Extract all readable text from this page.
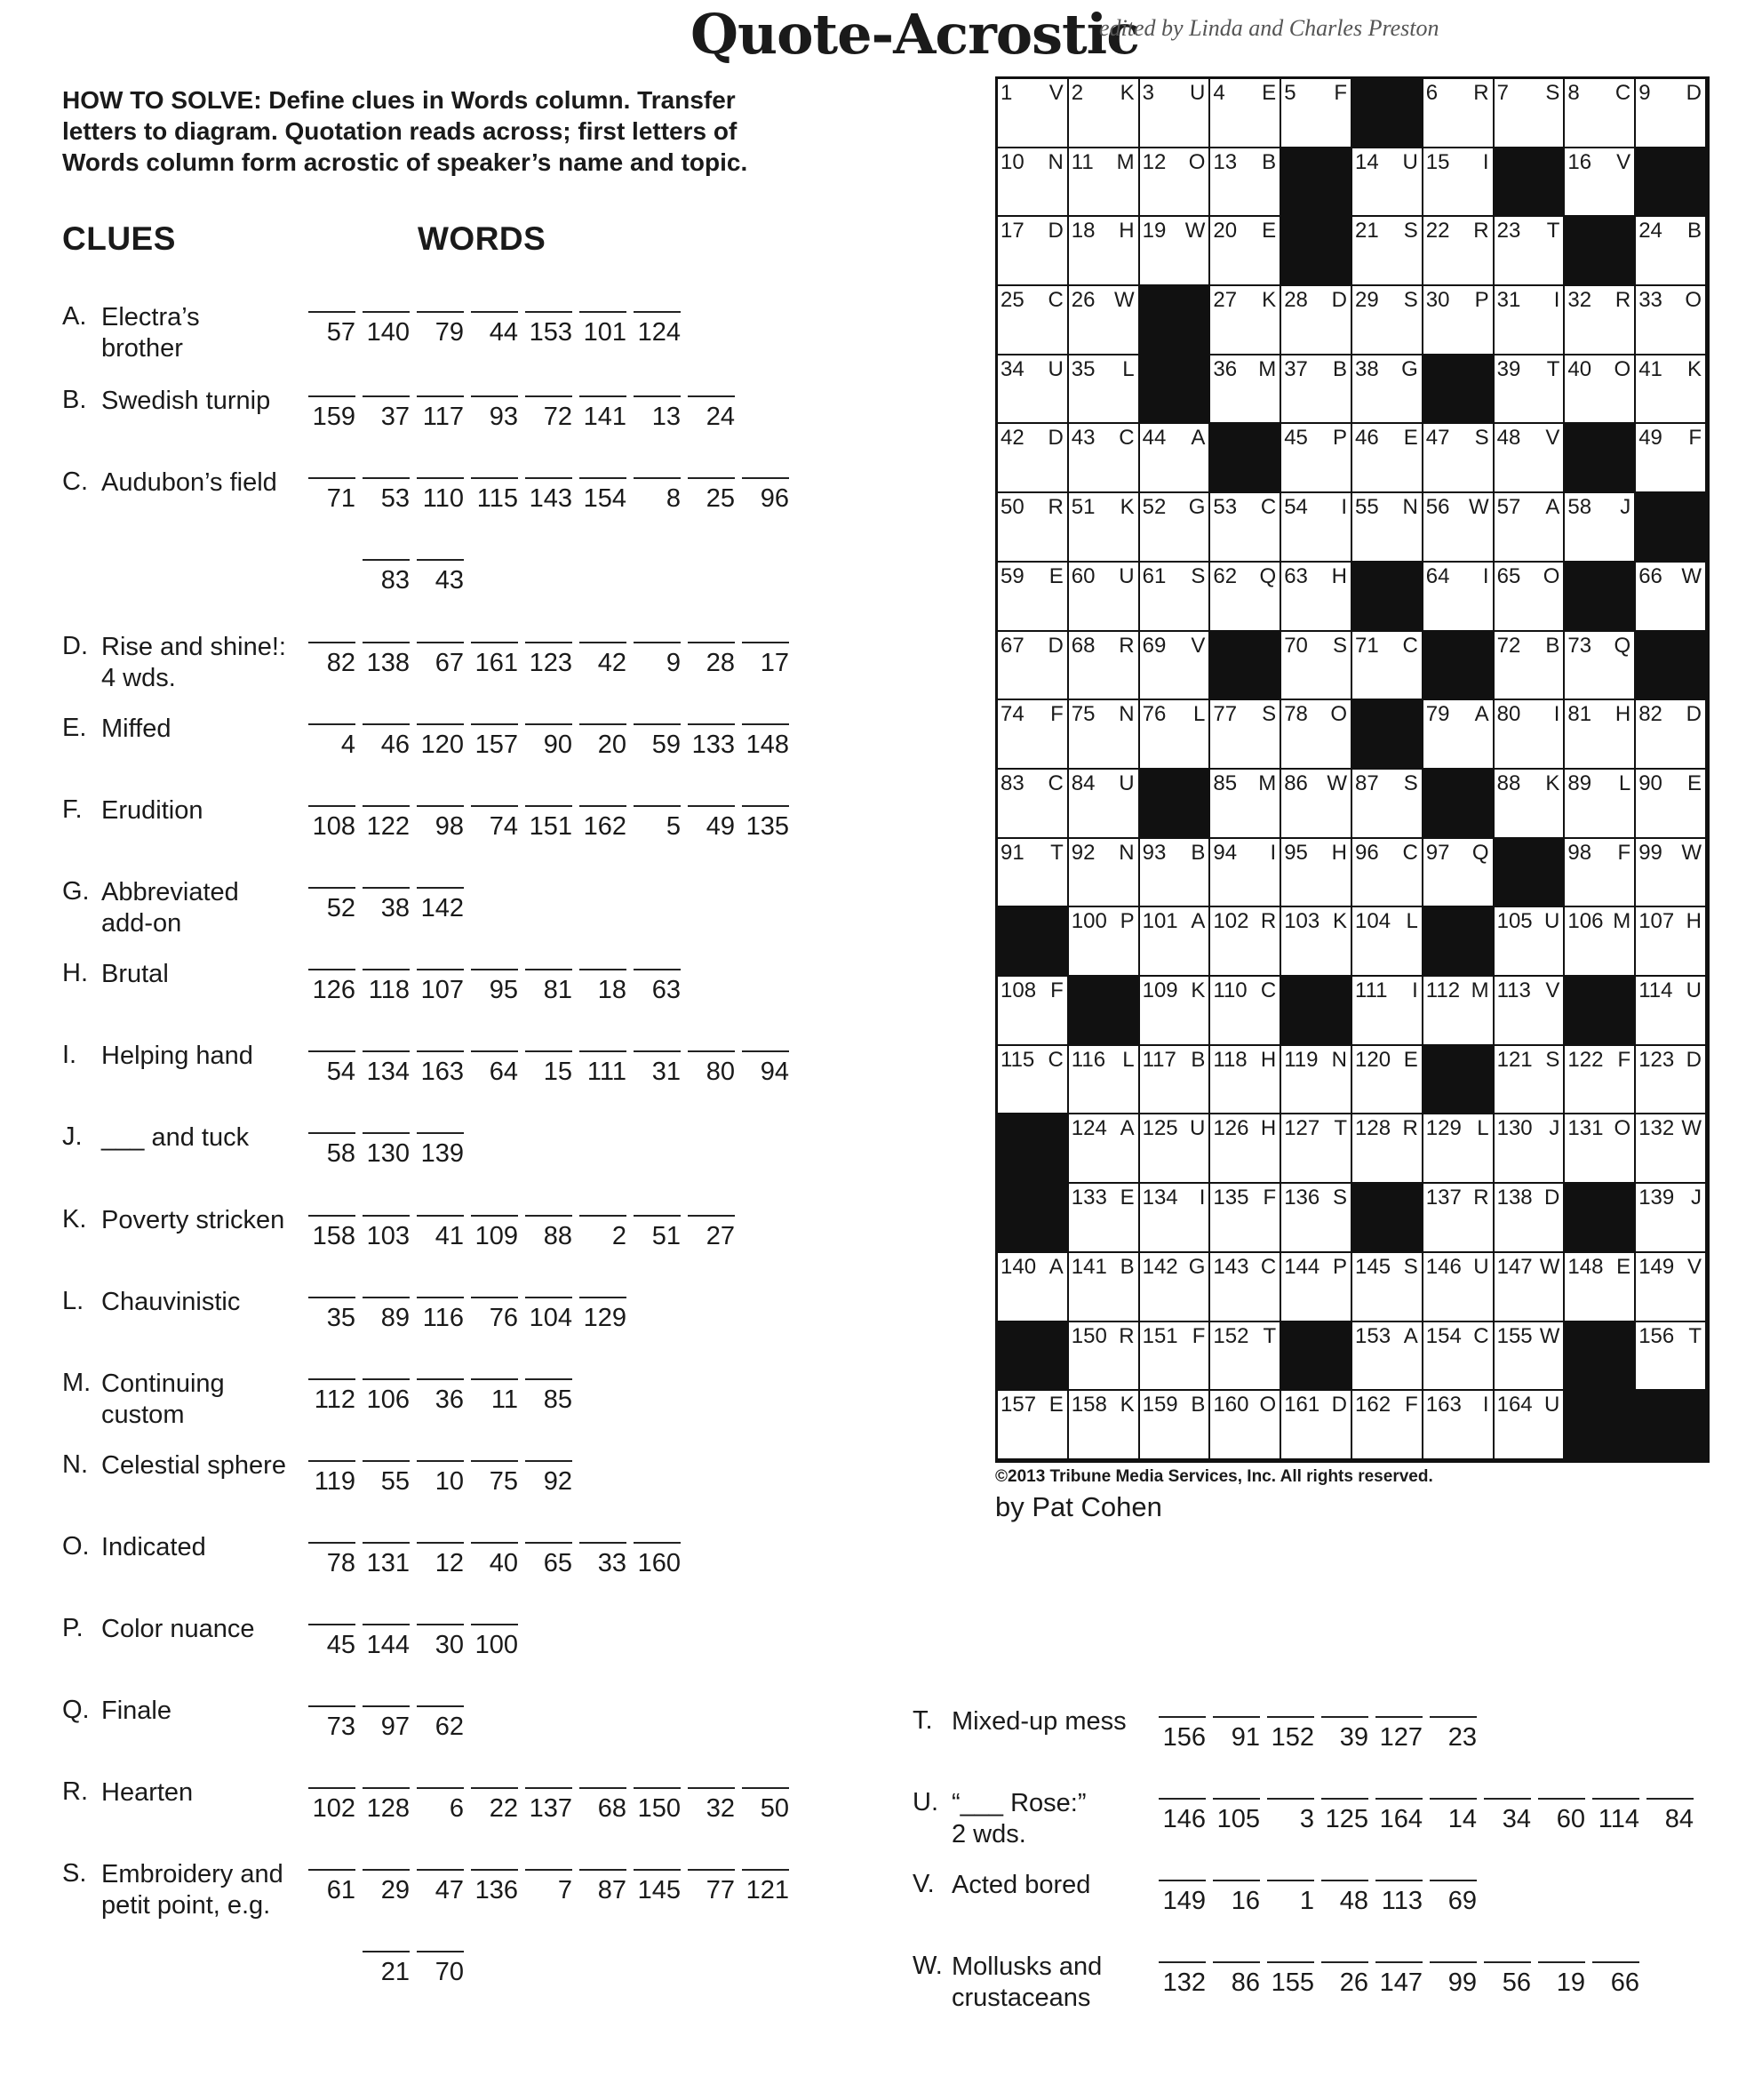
Quote-Acrostic
edited by Linda and Charles Preston
HOW TO SOLVE: Define clues in Words column. Transfer
letters to diagram. Quotation reads across; first letters of
Words column form acrostic of speaker’s name and topic.
CLUES	WORDS
A. Electra’s
brother
57 140 79 44 153 101 124
B. Swedish turnip
159 37 117 93 72 141 13 24
C. Audubon’s field
71 53 110 115 143 154 8 25 96
83 43
D. Rise and shine!:
4 wds.
82 138 67 161 123 42 9 28 17
E. Miffed
4 46 120 157 90 20 59 133 148
F. Erudition
108 122 98 74 151 162 5 49 135
G. Abbreviated
add-on
52 38 142
H. Brutal
126 118 107 95 81 18 63
I. Helping hand
54 134 163 64 15 111 31 80 94
J. ___ and tuck
58 130 139
K. Poverty stricken
158 103 41 109 88 2 51 27
L. Chauvinistic
35 89 116 76 104 129
M. Continuing
custom
112 106 36 11 85
N. Celestial sphere
119 55 10 75 92
O. Indicated
78 131 12 40 65 33 160
P. Color nuance
45 144 30 100
Q. Finale
73 97 62
R. Hearten
102 128 6 22 137 68 150 32 50
S. Embroidery and
petit point, e.g.
61 29 47 136 7 87 145 77 121
21 70
T. Mixed-up mess
156 91 152 39 127 23
U. “___ Rose:”
2 wds.
146 105 3 125 164 14 34 60 114 84
V. Acted bored
149 16 1 48 113 69
W. Mollusks and
crustaceans
132 86 155 26 147 99 56 19 66
1 V 2 K 3 U 4 E 5 F	6 R 7 S 8 C 9 D
10 N 11 M 12 O 13 B	14 U 15 I	16 V
17 D 18 H 19 W 20 E	21 S 22 R 23 T	24 B
25 C 26 W	27 K 28 D 29 S 30 P 31 I 32 R 33 O
34 U 35 L	36 M 37 B 38 G	39 T 40 O 41 K
42 D 43 C 44 A	45 P 46 E 47 S 48 V	49 F
50 R 51 K 52 G 53 C 54 I 55 N 56 W 57 A 58 J
59 E 60 U 61 S 62 Q 63 H	64 I 65 O	66 W
67 D 68 R 69 V	70 S 71 C	72 B 73 Q
74 F 75 N 76 L 77 S 78 O	79 A 80 I 81 H 82 D
83 C 84 U	85 M 86 W 87 S	88 K 89 L 90 E
91 T 92 N 93 B 94 I 95 H 96 C 97 Q	98 F 99 W
100 P 101 A 102 R 103 K 104 L	105 U 106 M 107 H
108 F	109 K 110 C	111 I 112 M 113 V	114 U
115 C 116 L 117 B 118 H 119 N 120 E	121 S 122 F 123 D
124 A 125 U 126 H 127 T 128 R 129 L 130 J 131 O 132 W
133 E 134 I 135 F 136 S	137 R 138 D	139 J
140 A 141 B 142 G 143 C 144 P 145 S 146 U 147 W 148 E 149 V
150 R 151 F 152 T	153 A 154 C 155 W	156 T
157 E 158 K 159 B 160 O 161 D 162 F 163 I 164 U
©2013 Tribune Media Services, Inc. All rights reserved.
by Pat Cohen
